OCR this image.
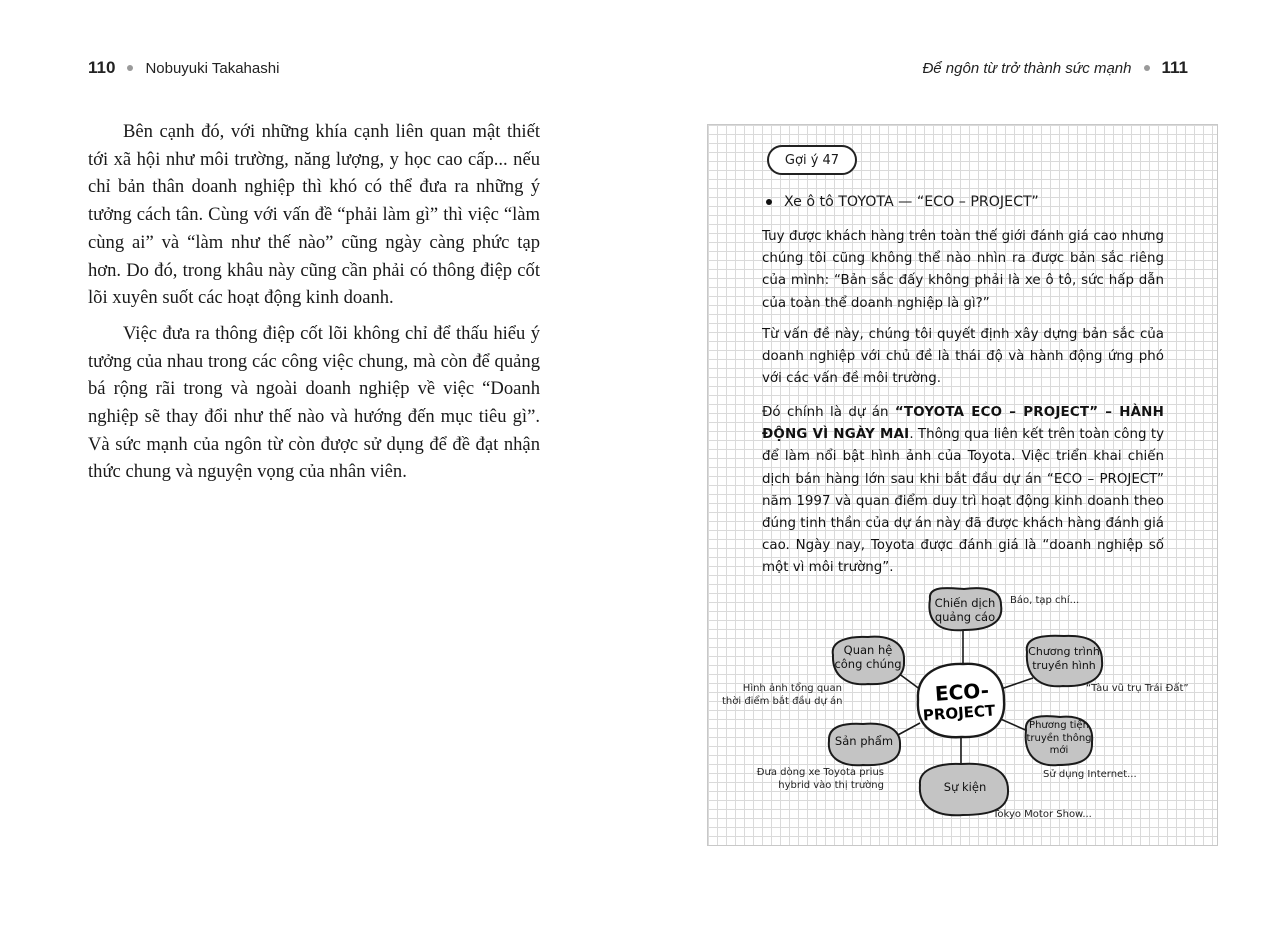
110 Nobuyuki Takahashi

Bên cạnh đó, với những khía cạnh liên quan mật thiết tới xã hội như môi trường, năng lượng, y học cao cấp... nếu chỉ bản thân doanh nghiệp thì khó có thể đưa ra những ý tưởng cách tân. Cùng với vấn đề “phải làm gì” thì việc “làm cùng ai” và “làm như thế nào” cũng ngày càng phức tạp hơn. Do đó, trong khâu này cũng cần phải có thông điệp cốt lõi xuyên suốt các hoạt động kinh doanh.

Việc đưa ra thông điệp cốt lõi không chỉ để thấu hiểu ý tưởng của nhau trong các công việc chung, mà còn để quảng bá rộng rãi trong và ngoài doanh nghiệp về việc “Doanh nghiệp sẽ thay đổi như thế nào và hướng đến mục tiêu gì”. Và sức mạnh của ngôn từ còn được sử dụng để đề đạt nhận thức chung và nguyện vọng của nhân viên.

Để ngôn từ trở thành sức mạnh 111
Gợi ý 47
Xe ô tô TOYOTA — “ECO – PROJECT”
Tuy được khách hàng trên toàn thế giới đánh giá cao nhưng chúng tôi cũng không thể nào nhìn ra được bản sắc riêng của mình: “Bản sắc đấy không phải là xe ô tô, sức hấp dẫn của toàn thể doanh nghiệp là gì?”
Từ vấn đề này, chúng tôi quyết định xây dựng bản sắc của doanh nghiệp với chủ đề là thái độ và hành động ứng phó với các vấn đề môi trường.
Đó chính là dự án “TOYOTA ECO – PROJECT” – HÀNH ĐỘNG VÌ NGÀY MAI. Thông qua liên kết trên toàn công ty để làm nổi bật hình ảnh của Toyota. Việc triển khai chiến dịch bán hàng lớn sau khi bắt đầu dự án “ECO – PROJECT” năm 1997 và quan điểm duy trì hoạt động kinh doanh theo đúng tinh thần của dự án này đã được khách hàng đánh giá cao. Ngày nay, Toyota được đánh giá là “doanh nghiệp số một vì môi trường”.
ECO-
PROJECT
Chiến dịch quảng cáo
Chương trình truyền hình
Phương tiện truyền thông mới
Sự kiện
Sản phẩm
Quan hệ công chúng
Báo, tạp chí...
“Tàu vũ trụ Trái Đất”
Sử dụng Internet...
Tokyo Motor Show...
Đưa dòng xe Toyota prius
hybrid vào thị trường
Hình ảnh tổng quan
thời điểm bắt đầu dự án
